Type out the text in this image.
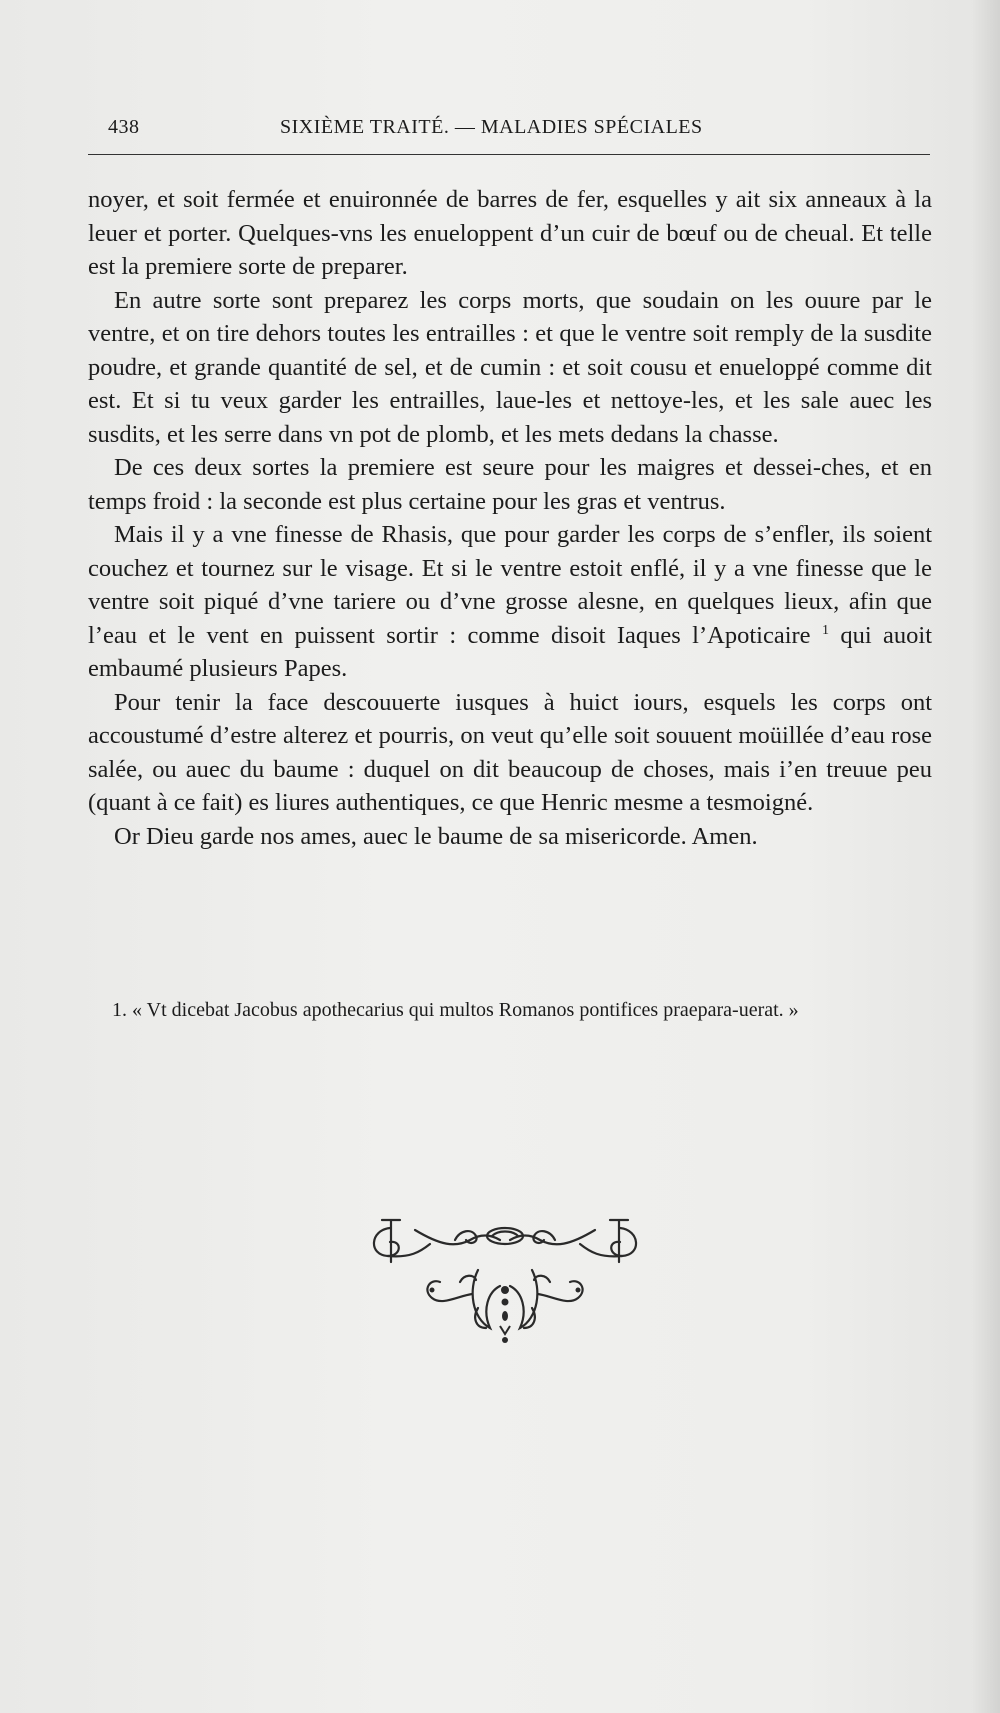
438	SIXIÈME TRAITÉ. — MALADIES SPÉCIALES

noyer, et soit fermée et enuironnée de barres de fer, esquelles y ait six anneaux à la leuer et porter. Quelques-vns les enueloppent d’un cuir de bœuf ou de cheual. Et telle est la premiere sorte de preparer.

En autre sorte sont preparez les corps morts, que soudain on les ouure par le ventre, et on tire dehors toutes les entrailles : et que le ventre soit remply de la susdite poudre, et grande quantité de sel, et de cumin : et soit cousu et enueloppé comme dit est. Et si tu veux garder les entrailles, laue-les et nettoye-les, et les sale auec les susdits, et les serre dans vn pot de plomb, et les mets dedans la chasse.

De ces deux sortes la premiere est seure pour les maigres et dessei-ches, et en temps froid : la seconde est plus certaine pour les gras et ventrus.

Mais il y a vne finesse de Rhasis, que pour garder les corps de s’enfler, ils soient couchez et tournez sur le visage. Et si le ventre estoit enflé, il y a vne finesse que le ventre soit piqué d’vne tariere ou d’vne grosse alesne, en quelques lieux, afin que l’eau et le vent en puissent sortir : comme disoit Iaques l’Apoticaire $^1$ qui auoit embaumé plusieurs Papes.

Pour tenir la face descouuerte iusques à huict iours, esquels les corps ont accoustumé d’estre alterez et pourris, on veut qu’elle soit souuent moüillée d’eau rose salée, ou auec du baume : duquel on dit beaucoup de choses, mais i’en treuue peu (quant à ce fait) es liures authentiques, ce que Henric mesme a tesmoigné.

Or Dieu garde nos ames, auec le baume de sa misericorde. Amen.

1. « Vt dicebat Jacobus apothecarius qui multos Romanos pontifices praepara-uerat. »
